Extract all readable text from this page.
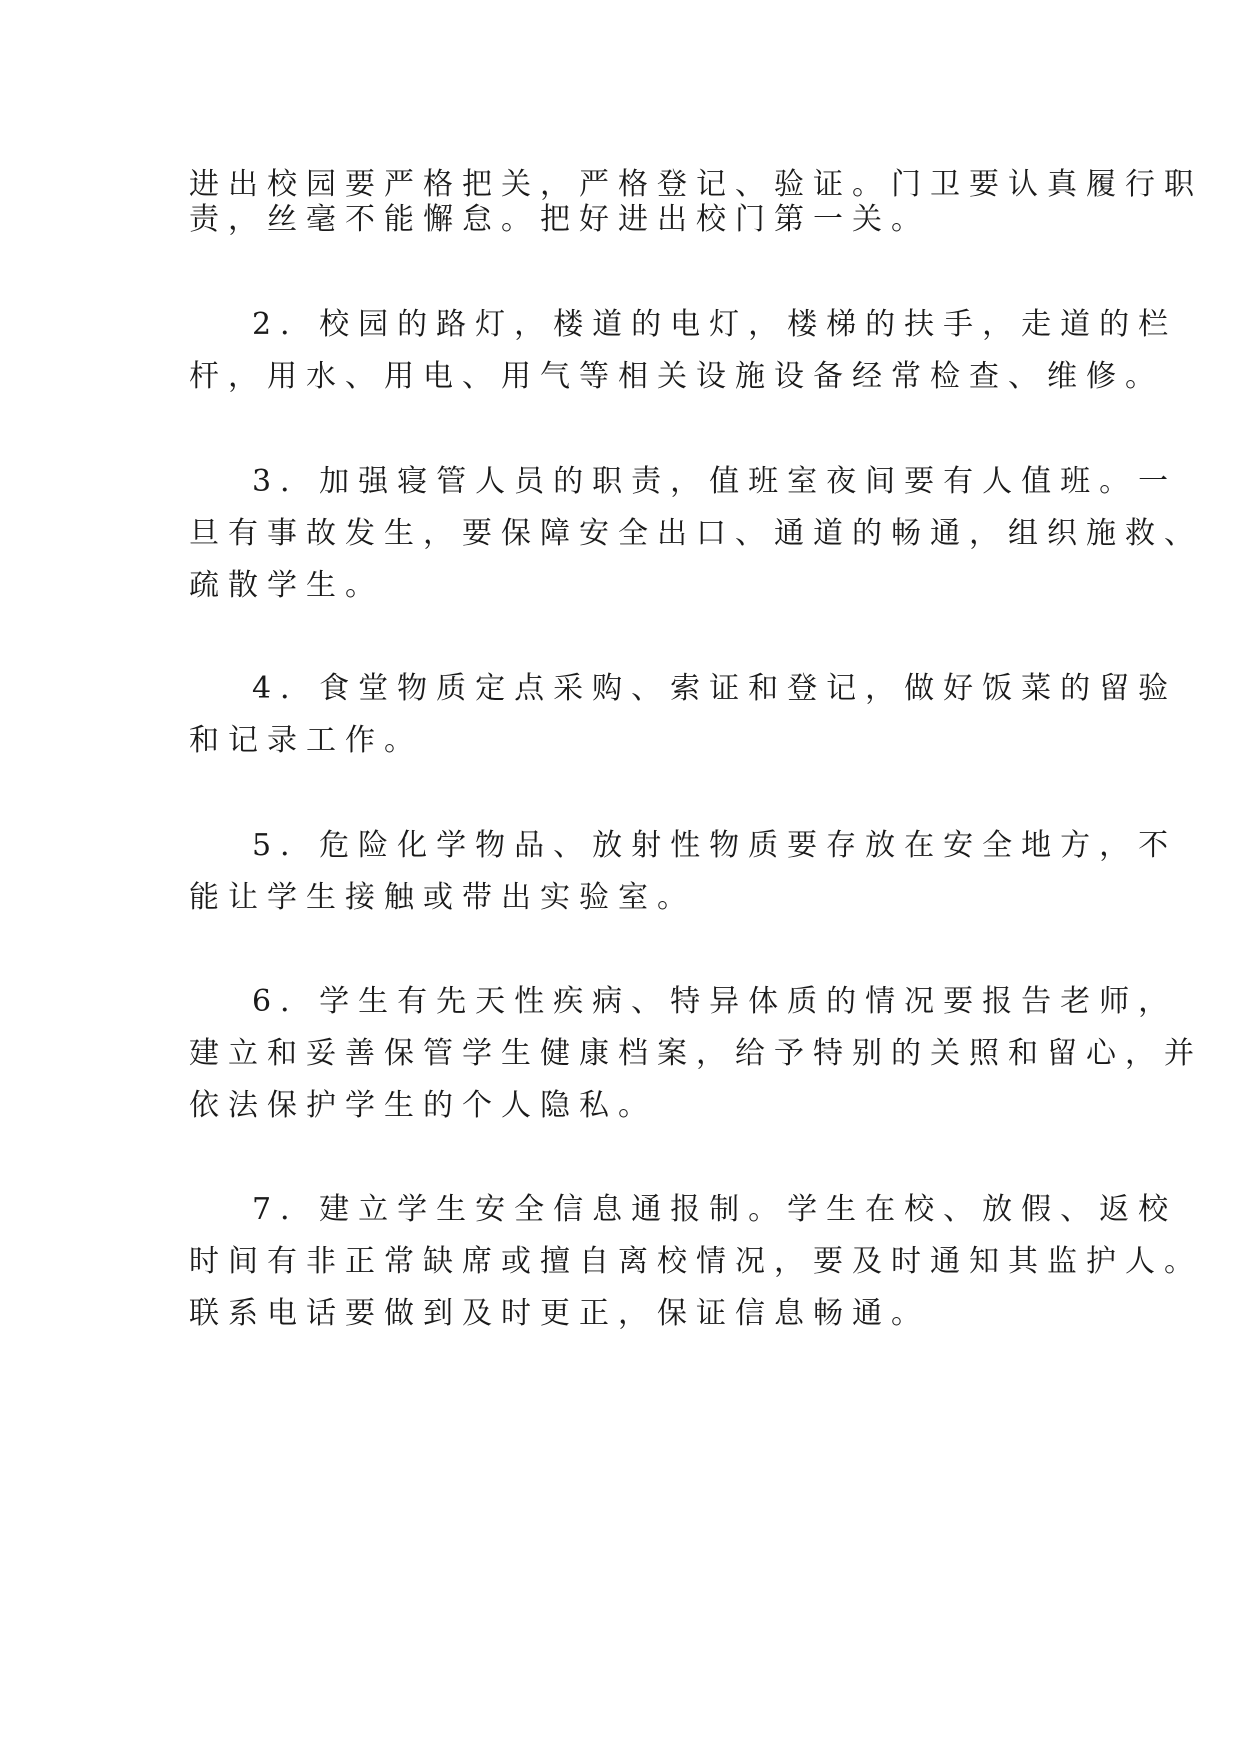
进出校园要严格把关，严格登记、验证。门卫要认真履行职
责，丝毫不能懈怠。把好进出校门第一关。
2．校园的路灯，楼道的电灯，楼梯的扶手，走道的栏
杆，用水、用电、用气等相关设施设备经常检查、维修。
3．加强寝管人员的职责，值班室夜间要有人值班。一
旦有事故发生，要保障安全出口、通道的畅通，组织施救、
疏散学生。
4．食堂物质定点采购、索证和登记，做好饭菜的留验
和记录工作。
5．危险化学物品、放射性物质要存放在安全地方，不
能让学生接触或带出实验室。
6．学生有先天性疾病、特异体质的情况要报告老师，
建立和妥善保管学生健康档案，给予特别的关照和留心，并
依法保护学生的个人隐私。
7．建立学生安全信息通报制。学生在校、放假、返校
时间有非正常缺席或擅自离校情况，要及时通知其监护人。
联系电话要做到及时更正，保证信息畅通。
